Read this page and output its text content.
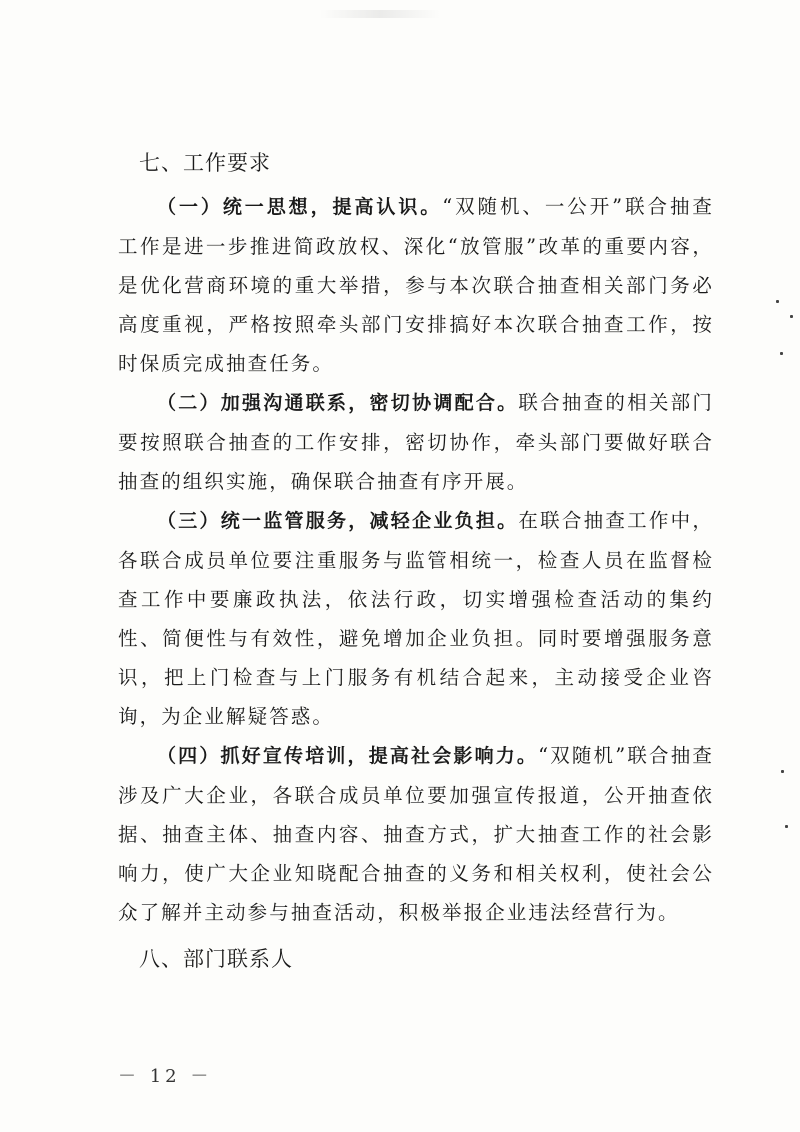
七、工作要求

（一）统一思想，提高认识。“双随机、一公开”联合抽查工作是进一步推进简政放权、深化“放管服”改革的重要内容，是优化营商环境的重大举措，参与本次联合抽查相关部门务必高度重视，严格按照牵头部门安排搞好本次联合抽查工作，按时保质完成抽查任务。

（二）加强沟通联系，密切协调配合。联合抽查的相关部门要按照联合抽查的工作安排，密切协作，牵头部门要做好联合抽查的组织实施，确保联合抽查有序开展。

（三）统一监管服务，减轻企业负担。在联合抽查工作中，各联合成员单位要注重服务与监管相统一，检查人员在监督检查工作中要廉政执法，依法行政，切实增强检查活动的集约性、简便性与有效性，避免增加企业负担。同时要增强服务意识，把上门检查与上门服务有机结合起来，主动接受企业咨询，为企业解疑答惑。

（四）抓好宣传培训，提高社会影响力。“双随机”联合抽查涉及广大企业，各联合成员单位要加强宣传报道，公开抽查依据、抽查主体、抽查内容、抽查方式，扩大抽查工作的社会影响力，使广大企业知晓配合抽查的义务和相关权利，使社会公众了解并主动参与抽查活动，积极举报企业违法经营行为。

八、部门联系人
－ 12 －
